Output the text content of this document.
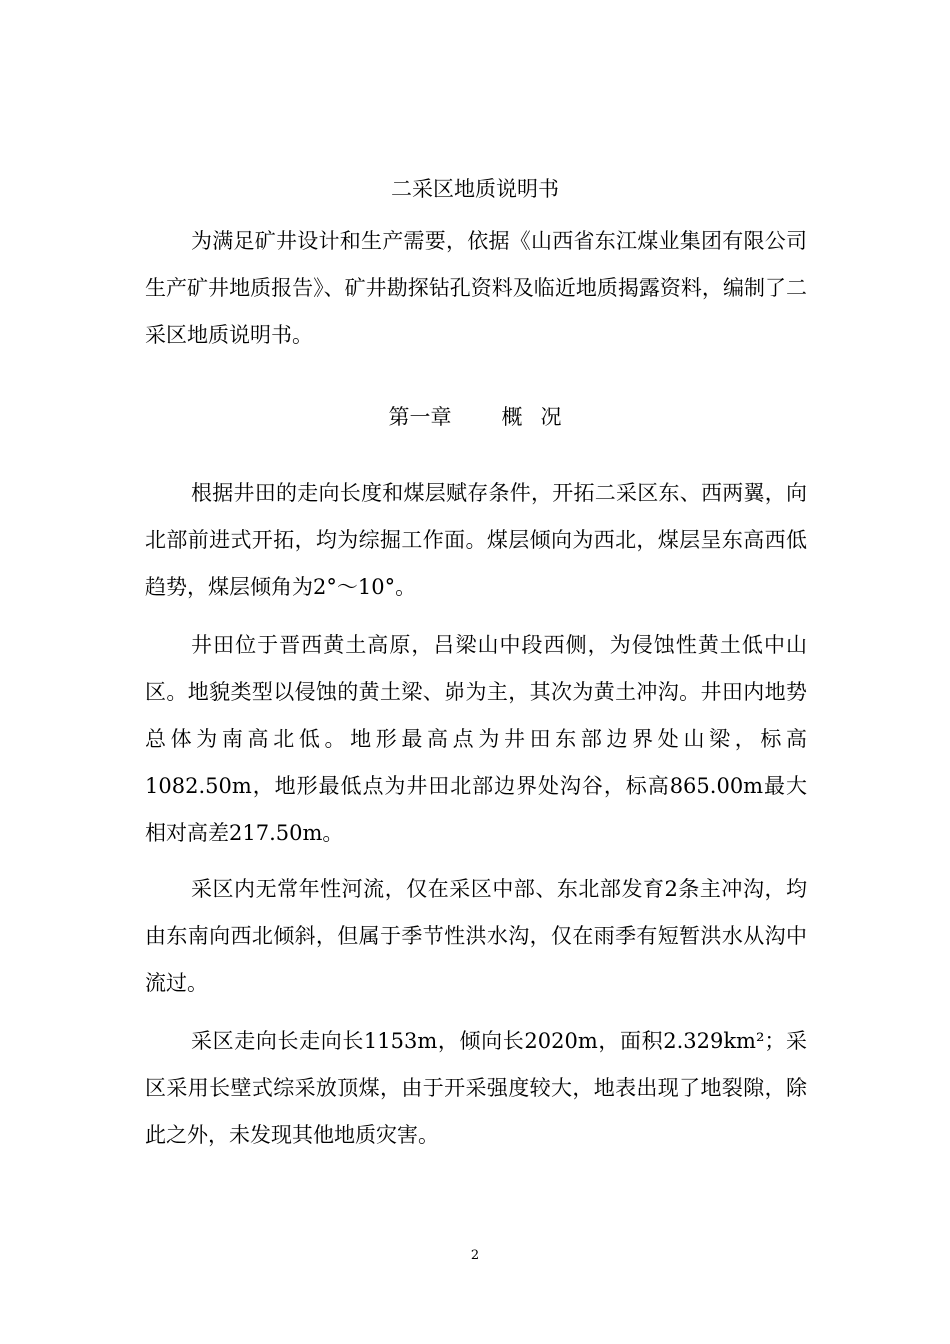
二采区地质说明书

为满足矿井设计和生产需要，依据《山西省东江煤业集团有限公司生产矿井地质报告》、矿井勘探钻孔资料及临近地质揭露资料，编制了二采区地质说明书。

第一章 概 况

根据井田的走向长度和煤层赋存条件，开拓二采区东、西两翼，向北部前进式开拓，均为综掘工作面。煤层倾向为西北，煤层呈东高西低趋势，煤层倾角为2°～10°。

井田位于晋西黄土高原，吕梁山中段西侧，为侵蚀性黄土低中山区。地貌类型以侵蚀的黄土梁、峁为主，其次为黄土冲沟。井田内地势总体为南高北低。地形最高点为井田东部边界处山梁，标高1082.50m，地形最低点为井田北部边界处沟谷，标高865.00m最大相对高差217.50m。

采区内无常年性河流，仅在采区中部、东北部发育2条主冲沟，均由东南向西北倾斜，但属于季节性洪水沟，仅在雨季有短暂洪水从沟中流过。

采区走向长走向长1153m，倾向长2020m，面积2.329km²；采区采用长壁式综采放顶煤，由于开采强度较大，地表出现了地裂隙，除此之外，未发现其他地质灾害。

2
